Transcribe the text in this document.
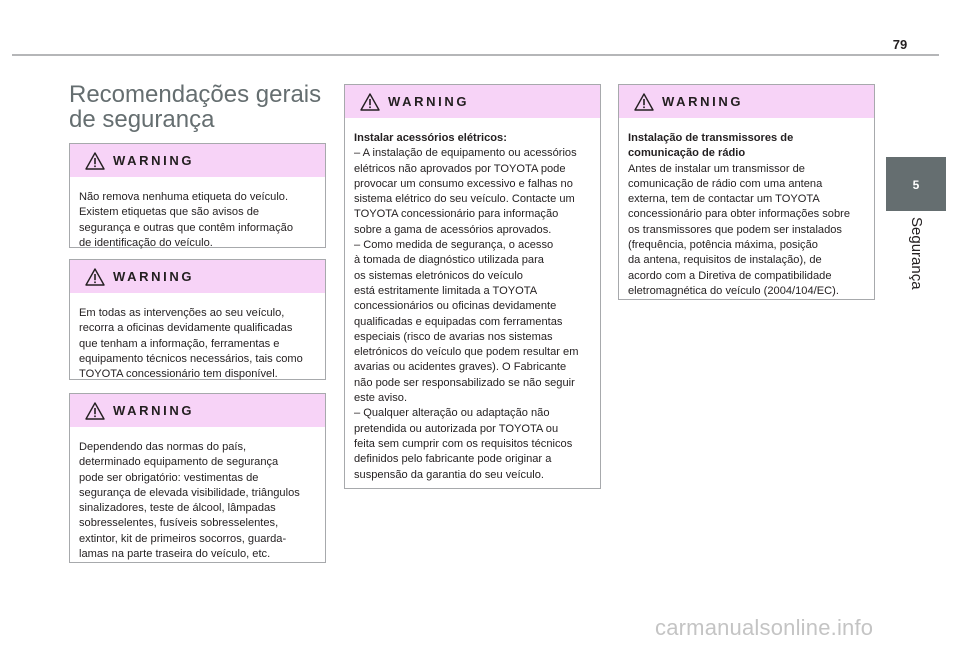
79
5
Segurança
Recomendações gerais
de segurança
WARNING

Não remova nenhuma etiqueta do veículo.

Existem etiquetas que são avisos de

segurança e outras que contêm informação

de identificação do veículo.

WARNING

Em todas as intervenções ao seu veículo,

recorra a oficinas devidamente qualificadas

que tenham a informação, ferramentas e

equipamento técnicos necessários, tais como

TOYOTA concessionário tem disponível.

WARNING

Dependendo das normas do país,

determinado equipamento de segurança

pode ser obrigatório: vestimentas de

segurança de elevada visibilidade, triângulos

sinalizadores, teste de álcool, lâmpadas

sobresselentes, fusíveis sobresselentes,

extintor, kit de primeiros socorros, guarda-

lamas na parte traseira do veículo, etc.

WARNING

Instalar acessórios elétricos:

– A instalação de equipamento ou acessórios

elétricos não aprovados por TOYOTA pode

provocar um consumo excessivo e falhas no

sistema elétrico do seu veículo. Contacte um

TOYOTA concessionário para informação

sobre a gama de acessórios aprovados.

– Como medida de segurança, o acesso

à tomada de diagnóstico utilizada para

os sistemas eletrónicos do veículo

está estritamente limitada a TOYOTA

concessionários ou oficinas devidamente

qualificadas e equipadas com ferramentas

especiais (risco de avarias nos sistemas

eletrónicos do veículo que podem resultar em

avarias ou acidentes graves). O Fabricante

não pode ser responsabilizado se não seguir

este aviso.

– Qualquer alteração ou adaptação não

pretendida ou autorizada por TOYOTA ou

feita sem cumprir com os requisitos técnicos

definidos pelo fabricante pode originar a

suspensão da garantia do seu veículo.

WARNING

Instalação de transmissores de

comunicação de rádio

Antes de instalar um transmissor de

comunicação de rádio com uma antena

externa, tem de contactar um TOYOTA

concessionário para obter informações sobre

os transmissores que podem ser instalados

(frequência, potência máxima, posição

da antena, requisitos de instalação), de

acordo com a Diretiva de compatibilidade

eletromagnética do veículo (2004/104/EC).

carmanualsonline.info
